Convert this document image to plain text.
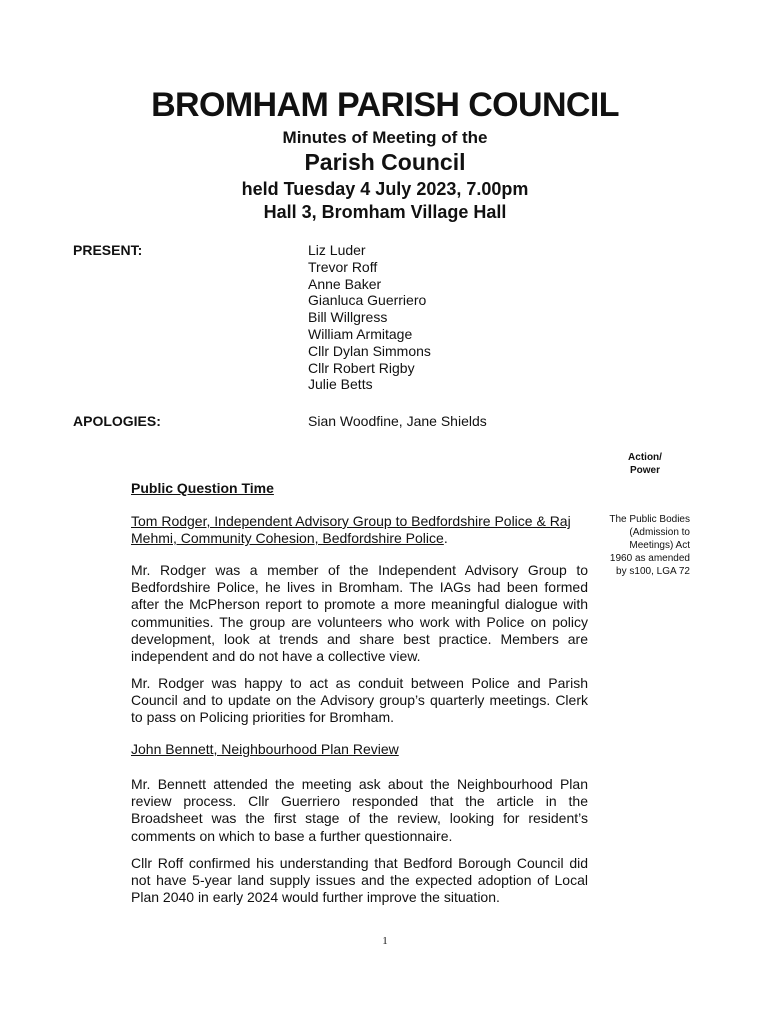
BROMHAM PARISH COUNCIL
Minutes of Meeting of the
Parish Council
held Tuesday 4 July 2023, 7.00pm
Hall 3, Bromham Village Hall
PRESENT:	Liz Luder
Trevor Roff
Anne Baker
Gianluca Guerriero
Bill Willgress
William Armitage
Cllr Dylan Simmons
Cllr Robert Rigby
Julie Betts
APOLOGIES:	Sian Woodfine, Jane Shields
Action/
Power
The Public Bodies
(Admission to
Meetings) Act
1960 as amended
by s100, LGA 72
Public Question Time
Tom Rodger, Independent Advisory Group to Bedfordshire Police & Raj Mehmi, Community Cohesion, Bedfordshire Police.
Mr. Rodger was a member of the Independent Advisory Group to Bedfordshire Police, he lives in Bromham. The IAGs had been formed after the McPherson report to promote a more meaningful dialogue with communities. The group are volunteers who work with Police on policy development, look at trends and share best practice. Members are independent and do not have a collective view.
Mr. Rodger was happy to act as conduit between Police and Parish Council and to update on the Advisory group’s quarterly meetings. Clerk to pass on Policing priorities for Bromham.
John Bennett, Neighbourhood Plan Review
Mr. Bennett attended the meeting ask about the Neighbourhood Plan review process. Cllr Guerriero responded that the article in the Broadsheet was the first stage of the review, looking for resident’s comments on which to base a further questionnaire.
Cllr Roff confirmed his understanding that Bedford Borough Council did not have 5-year land supply issues and the expected adoption of Local Plan 2040 in early 2024 would further improve the situation.
1
